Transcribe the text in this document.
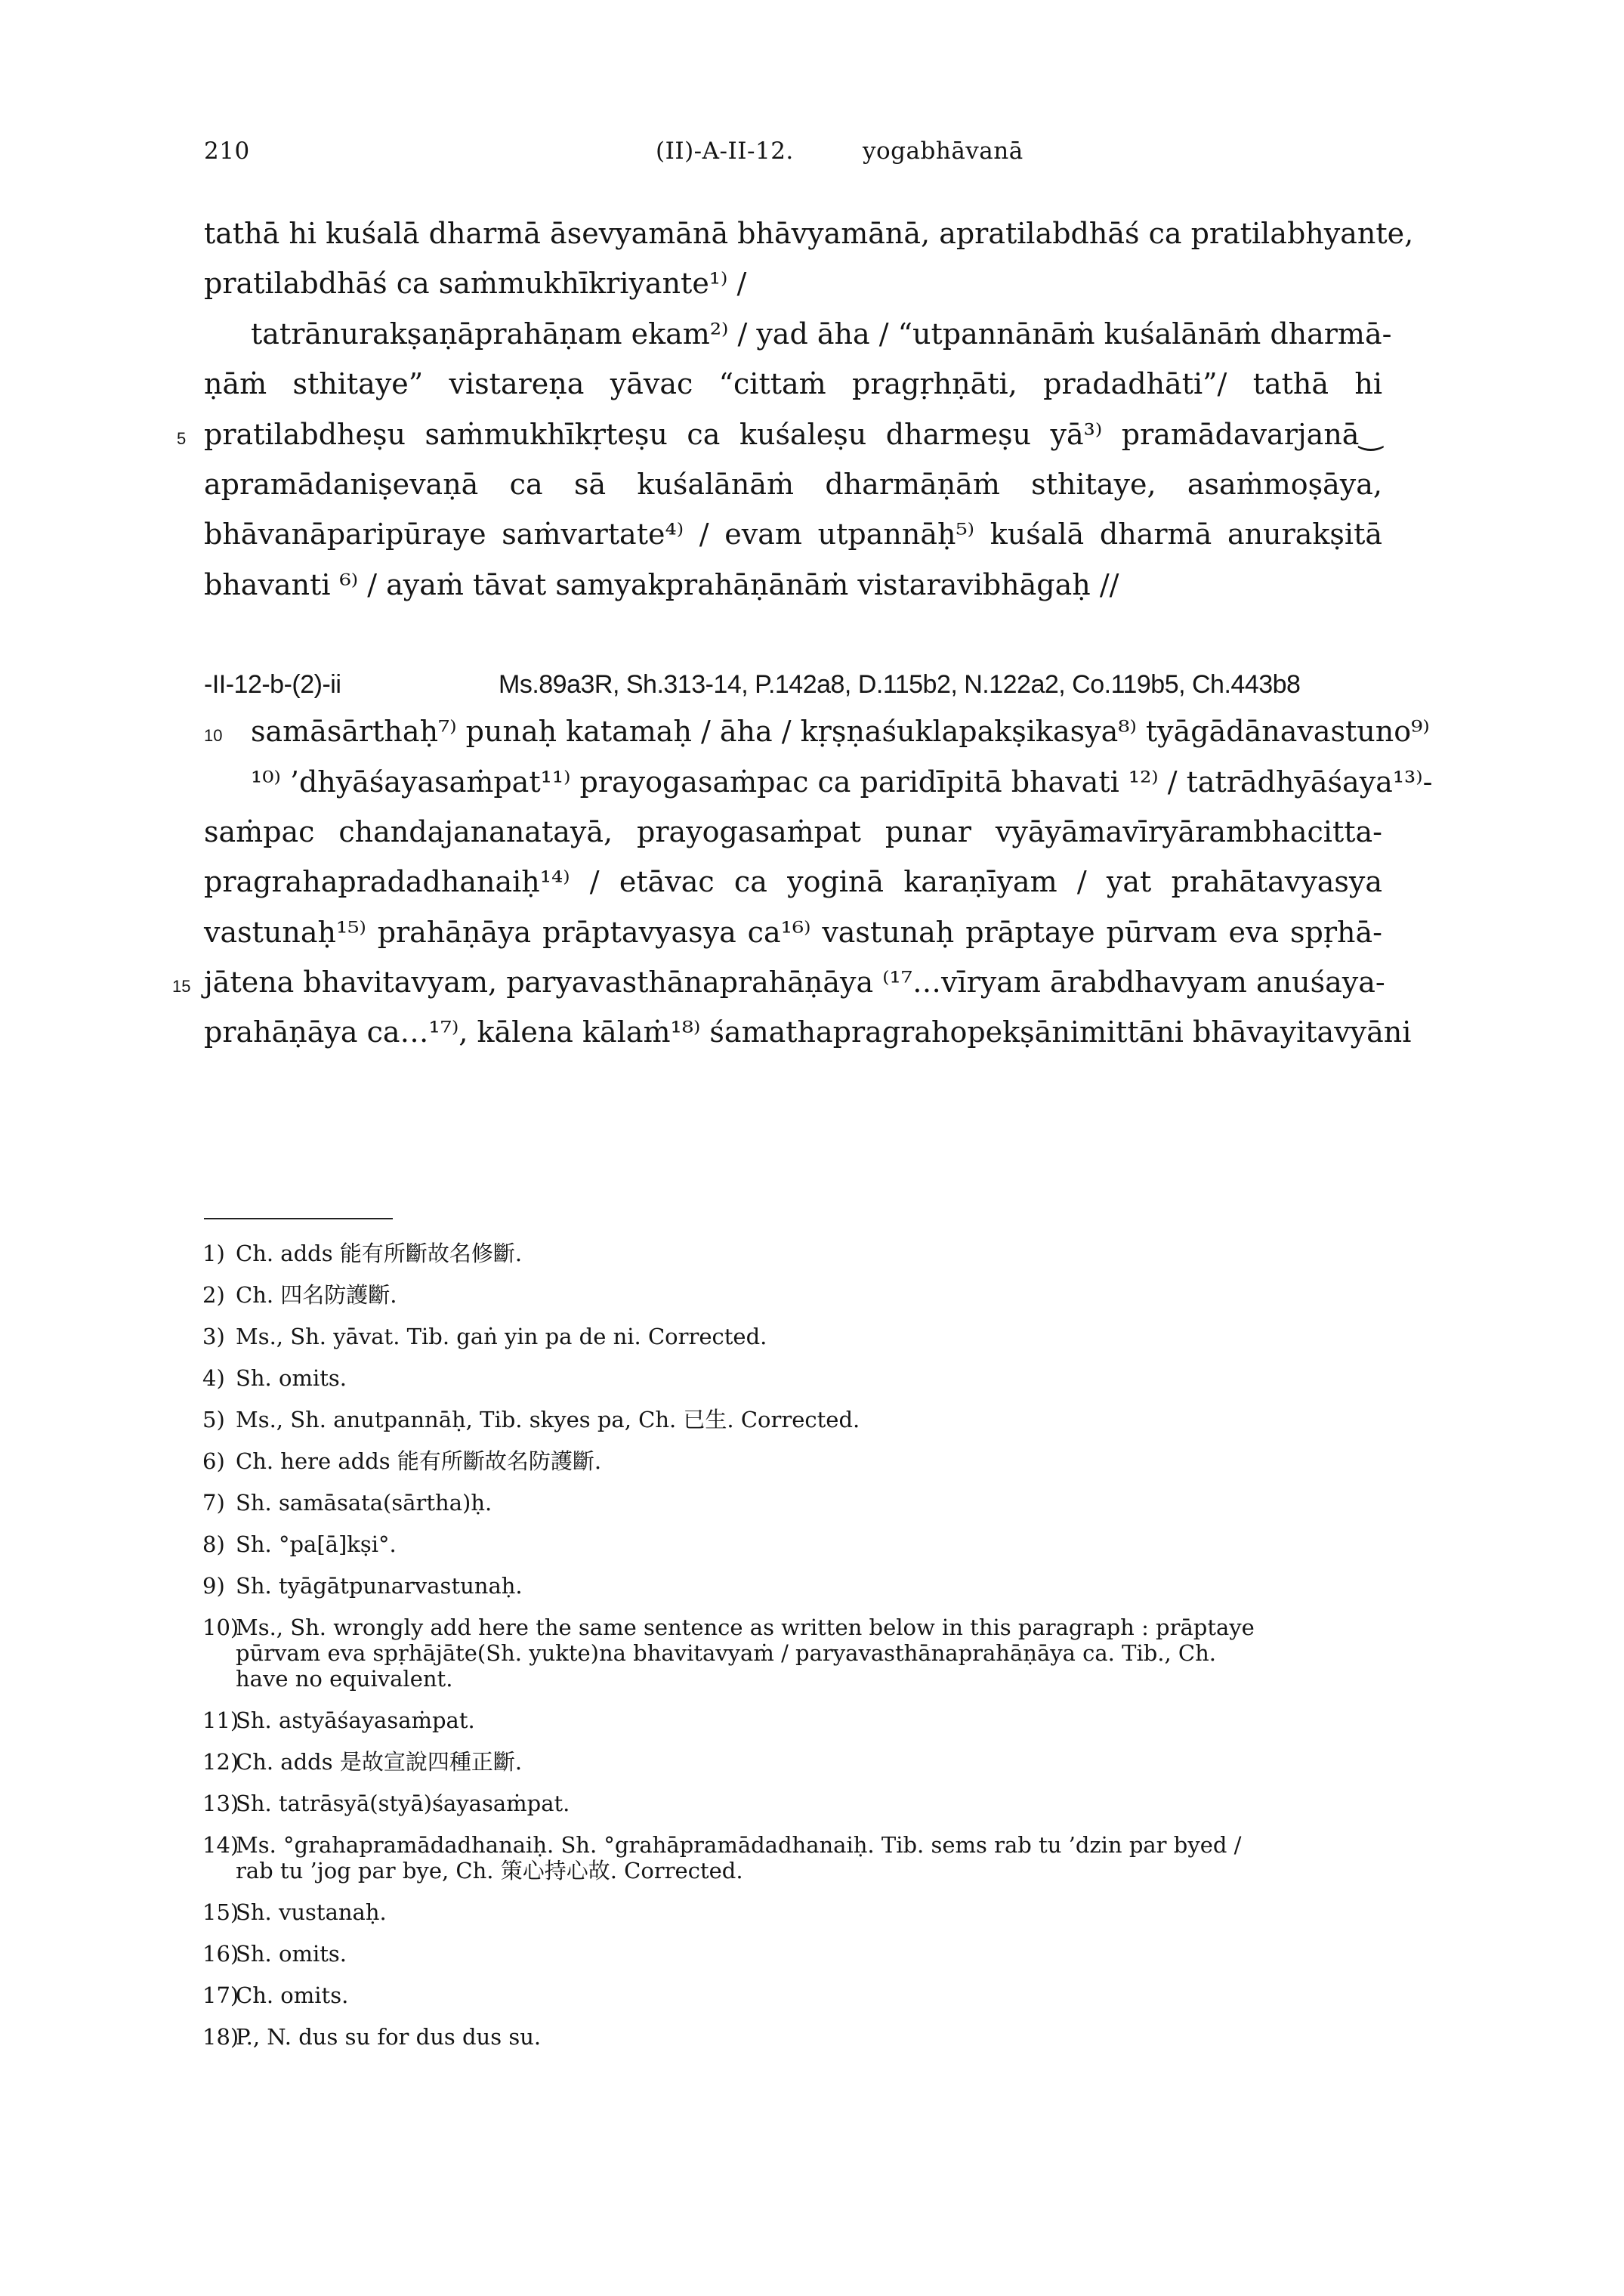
210	(II)-A-II-12.	yogabhāvanā
tathā hi kuśalā dharmā āsevyamānā bhāvyamānā, apratilabdhāś ca pratilabhyante,
pratilabdhāś ca saṁmukhīkriyante¹⁾ /
tatrānurakṣaṇāprahāṇam ekam²⁾ / yad āha / “utpannānāṁ kuśalānāṁ dharmā-
ṇāṁ sthitaye” vistareṇa yāvac “cittaṁ pragṛhṇāti, pradadhāti”/ tathā hi
5 pratilabdheṣu saṁmukhīkṛteṣu ca kuśaleṣu dharmeṣu yā³⁾ pramādavarjanā‿
apramādaniṣevaṇā ca sā kuśalānāṁ dharmāṇāṁ sthitaye, asaṁmoṣāya,
bhāvanāparipūraye saṁvartate⁴⁾ / evam utpannāḥ⁵⁾ kuśalā dharmā anurakṣitā
bhavanti ⁶⁾ / ayaṁ tāvat samyakprahāṇānāṁ vistaravibhāgaḥ //
-II-12-b-(2)-ii	Ms.89a3R, Sh.313-14, P.142a8, D.115b2, N.122a2, Co.119b5, Ch.443b8
10 samāsārthaḥ⁷⁾ punaḥ katamaḥ / āha / kṛṣṇaśuklapakṣikasya⁸⁾ tyāgādānavastuno⁹⁾
¹⁰⁾ ’dhyāśayasaṁpat¹¹⁾ prayogasaṁpac ca paridīpitā bhavati ¹²⁾ / tatrādhyāśaya¹³⁾-
saṁpac chandajananatayā, prayogasaṁpat punar vyāyāmavīryārambhacitta-
pragrahapradadhanaiḥ¹⁴⁾ / etāvac ca yoginā karaṇīyam / yat prahātavyasya
vastunaḥ¹⁵⁾ prahāṇāya prāptavyasya ca¹⁶⁾ vastunaḥ prāptaye pūrvam eva spṛhā-
15 jātena bhavitavyam, paryavasthānaprahāṇāya ⁽¹⁷…vīryam ārabdhavyam anuśaya-
prahāṇāya ca…¹⁷⁾, kālena kālaṁ¹⁸⁾ śamathapragrahopekṣānimittāni bhāvayitavyāni
1) Ch. adds 能有所斷故名修斷.
2) Ch. 四名防護斷.
3) Ms., Sh. yāvat. Tib. gaṅ yin pa de ni. Corrected.
4) Sh. omits.
5) Ms., Sh. anutpannāḥ, Tib. skyes pa, Ch. 已生. Corrected.
6) Ch. here adds 能有所斷故名防護斷.
7) Sh. samāsata(sārtha)ḥ.
8) Sh. °pa[ā]kṣi°.
9) Sh. tyāgātpunarvastunaḥ.
10)
Ms., Sh. wrongly add here the same sentence as written below in this paragraph : prāptaye
pūrvam eva spṛhājāte(Sh. yukte)na bhavitavyaṁ / paryavasthānaprahāṇāya ca. Tib., Ch.
have no equivalent.
11)
Sh. astyāśayasaṁpat.
12)
Ch. adds 是故宣說四種正斷.
13)
Sh. tatrāsyā(styā)śayasaṁpat.
14)
Ms. °grahapramādadhanaiḥ. Sh. °grahāpramādadhanaiḥ. Tib. sems rab tu ’dzin par byed /
rab tu ’jog par bye, Ch. 策心持心故. Corrected.
15)
Sh. vustanaḥ.
16)
Sh. omits.
17)
Ch. omits.
18)
P., N. dus su for dus dus su.
